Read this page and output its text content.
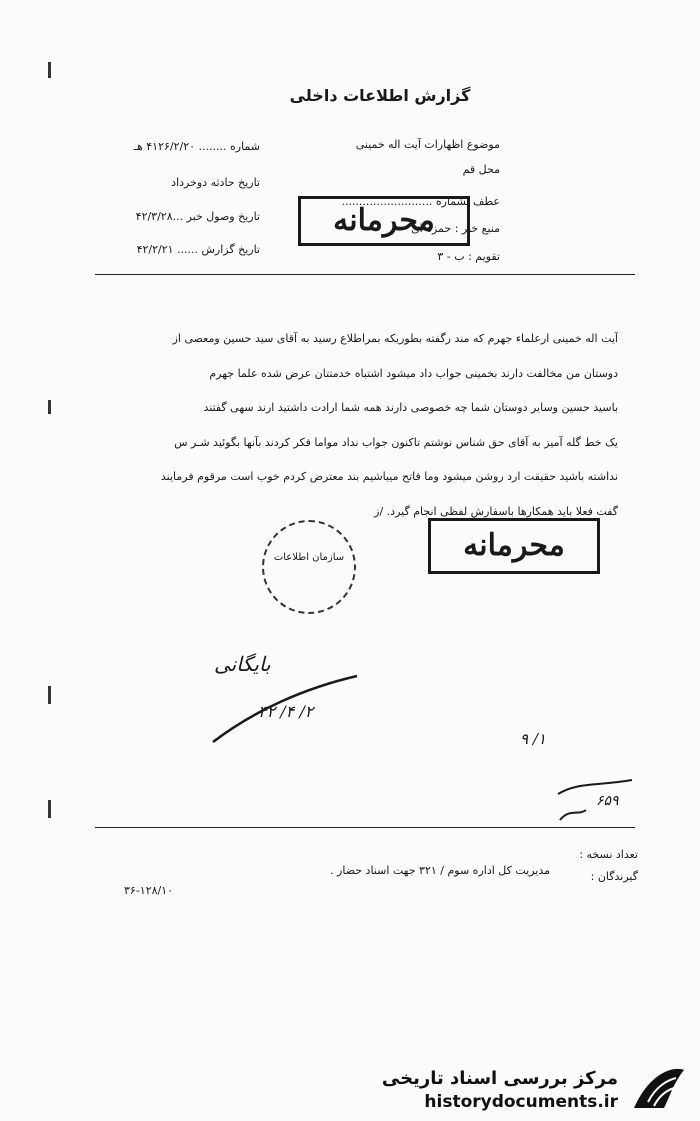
گزارش اطلاعات داخلی
موضوع اظهارات آیت اله خمینی
محل قم
عطف بشماره ..........................
منبع خبر : حمزه ای
تقویم : ب - ۳
شماره ........ ۴۱۲۶/۲/۲۰ هـ
تاریخ حادثه دوخرداد
تاریخ وصول خبر ...۴۲/۳/۲۸
تاریخ گزارش ...... ۴۲/۲/۲۱
محرمانه
آیت اله خمینی ارعلماء جهرم که مند رگفته بطوریکه بمراطلاع رسید به آقای سید حسین ومعصی از
دوستان من مخالفت دارند بخمینی جواب داد میشود اشتباه خدمتتان عرض شده علما جهرم
باسید حسین وسایر دوستان شما چه خصوصی دارند همه شما ارادت داشتید ارند سهی گفتند
یک خط گله آمیز به آقای حق شناس نوشتم تاکنون جواب نداد مواما فکر کردند بآنها بگوئید شـر س
نداشته باشید حقیقت ارد روشن میشود وما فاتح میباشیم بند معترض کردم خوب است مرقوم فرمایند
گفت فعلا باید همکارها باسفارش لفظی انجام گیرد. /ز
محرمانه
سازمان اطلاعات
بایگانی
۲/ ۴/ ۴۲
۱/ ۹
۶۵۹
تعداد نسخه :
گیرندگان :
مدیریت کل اداره سوم / ۳۲۱ جهت اسناد حضار .
۳۶-۱۲۸/۱۰
مرکز بررسی اسناد تاریخی
historydocuments.ir
